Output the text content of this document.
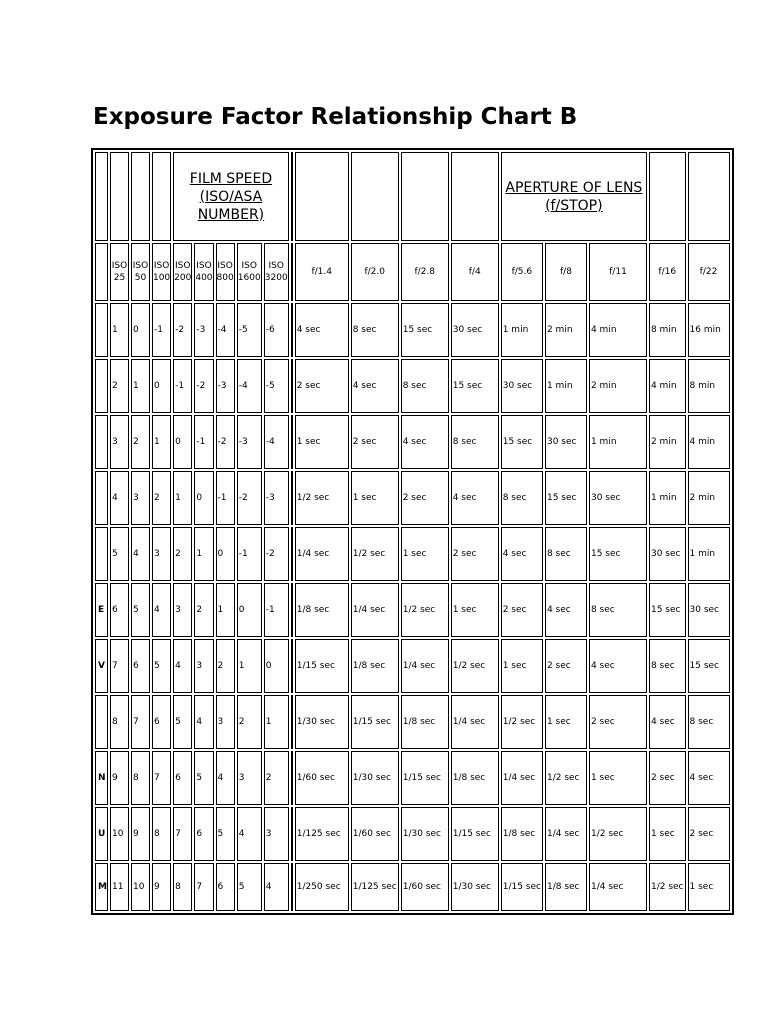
Exposure Factor Relationship Chart B
				FILM SPEED (ISO/ASA NUMBER)										APERTURE OF LENS (f/STOP)				
	ISO 25	ISO 50	ISO 100	ISO 200	ISO 400	ISO 800	ISO 1600	ISO 3200		f/1.4	f/2.0	f/2.8	f/4	f/5.6	f/8	f/11	f/16	f/22
	1	0	-1	-2	-3	-4	-5	-6		4 sec	8 sec	15 sec	30 sec	1 min	2 min	4 min	8 min	16 min
	2	1	0	-1	-2	-3	-4	-5		2 sec	4 sec	8 sec	15 sec	30 sec	1 min	2 min	4 min	8 min
	3	2	1	0	-1	-2	-3	-4		1 sec	2 sec	4 sec	8 sec	15 sec	30 sec	1 min	2 min	4 min
	4	3	2	1	0	-1	-2	-3		1/2 sec	1 sec	2 sec	4 sec	8 sec	15 sec	30 sec	1 min	2 min
	5	4	3	2	1	0	-1	-2		1/4 sec	1/2 sec	1 sec	2 sec	4 sec	8 sec	15 sec	30 sec	1 min
E	6	5	4	3	2	1	0	-1		1/8 sec	1/4 sec	1/2 sec	1 sec	2 sec	4 sec	8 sec	15 sec	30 sec
V	7	6	5	4	3	2	1	0		1/15 sec	1/8 sec	1/4 sec	1/2 sec	1 sec	2 sec	4 sec	8 sec	15 sec
	8	7	6	5	4	3	2	1		1/30 sec	1/15 sec	1/8 sec	1/4 sec	1/2 sec	1 sec	2 sec	4 sec	8 sec
N	9	8	7	6	5	4	3	2		1/60 sec	1/30 sec	1/15 sec	1/8 sec	1/4 sec	1/2 sec	1 sec	2 sec	4 sec
U	10	9	8	7	6	5	4	3		1/125 sec	1/60 sec	1/30 sec	1/15 sec	1/8 sec	1/4 sec	1/2 sec	1 sec	2 sec
M	11	10	9	8	7	6	5	4		1/250 sec	1/125 sec	1/60 sec	1/30 sec	1/15 sec	1/8 sec	1/4 sec	1/2 sec	1 sec
